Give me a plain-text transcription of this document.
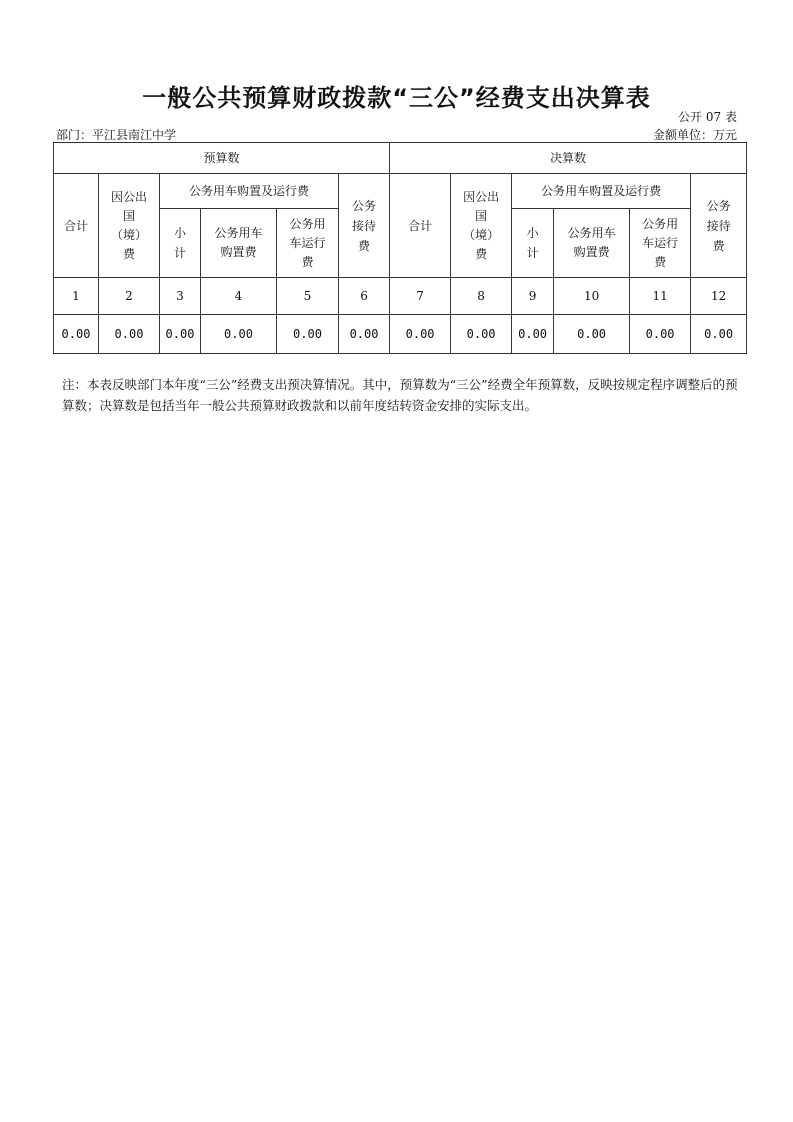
一般公共预算财政拨款“三公”经费支出决算表
公开 07 表
部门：平江县南江中学	金额单位：万元
预算数						决算数					
合计	因公出国（境）费	公务用车购置及运行费			公务接待费	合计	因公出国（境）费	公务用车购置及运行费			公务接待费
		小计	公务用车购置费	公务用车运行费				小计	公务用车购置费	公务用车运行费	
1	2	3	4	5	6	7	8	9	10	11	12
0.00	0.00	0.00	0.00	0.00	0.00	0.00	0.00	0.00	0.00	0.00	0.00
注：本表反映部门本年度“三公”经费支出预决算情况。其中，预算数为“三公”经费全年预算数，反映按规定程序调整后的预算数；决算数是包括当年一般公共预算财政拨款和以前年度结转资金安排的实际支出。
